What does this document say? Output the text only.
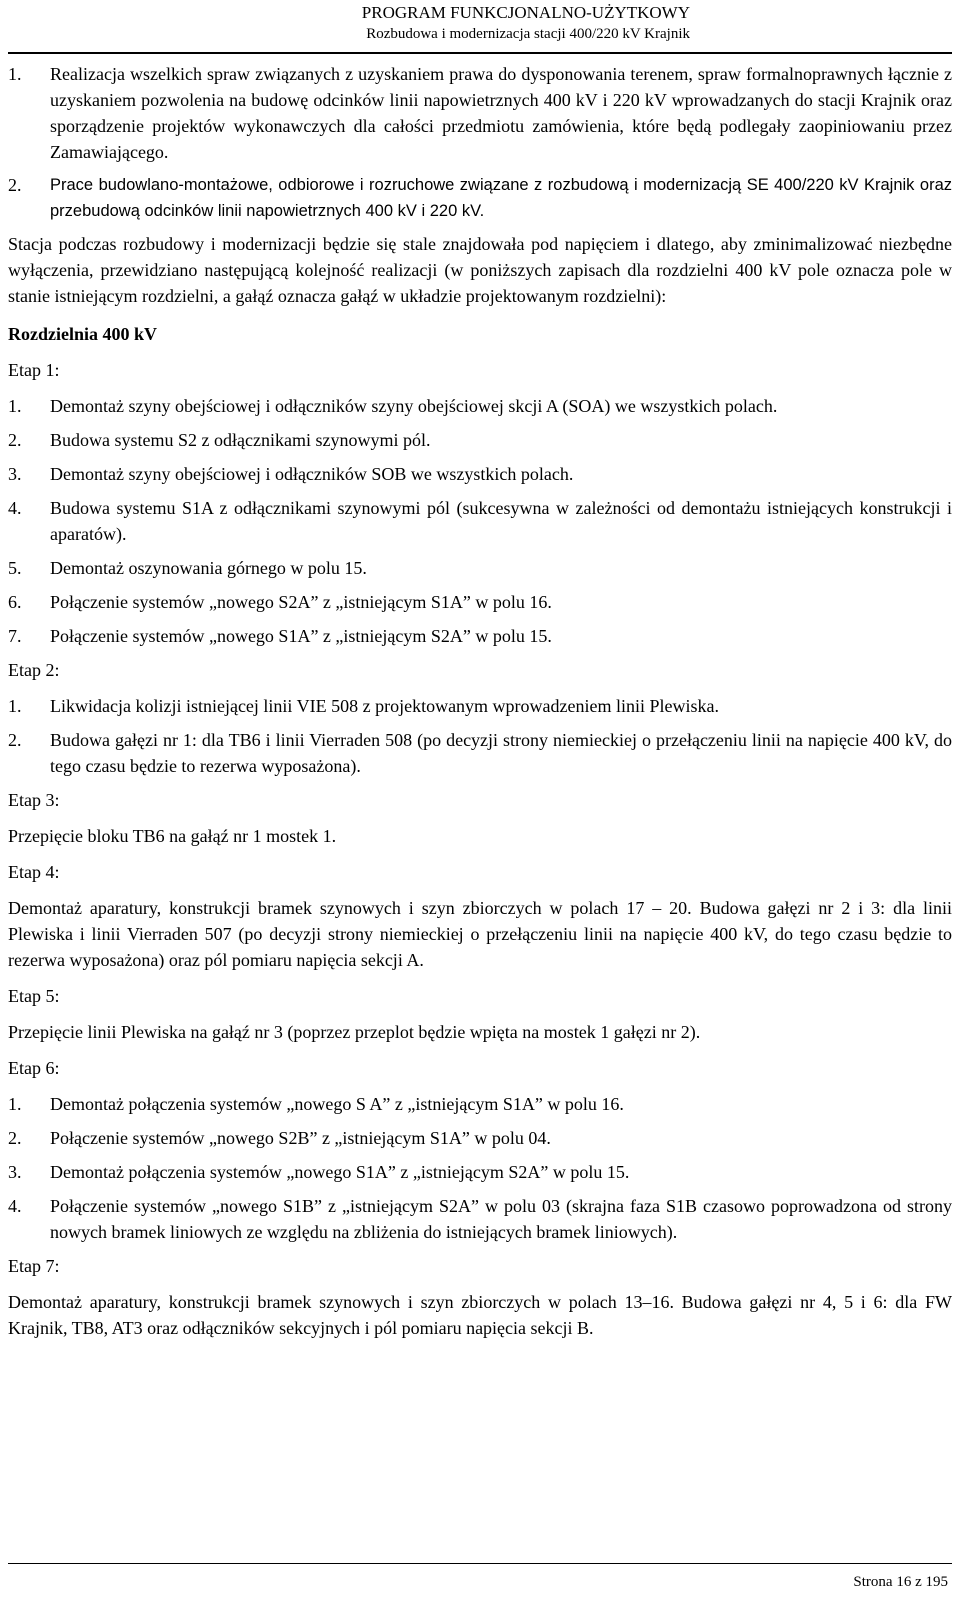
PROGRAM FUNKCJONALNO-UŻYTKOWY
Rozbudowa i modernizacja stacji 400/220 kV Krajnik
1.	Realizacja wszelkich spraw związanych z uzyskaniem prawa do dysponowania terenem, spraw formalnoprawnych łącznie z uzyskaniem pozwolenia na budowę odcinków linii napowietrznych 400 kV i 220 kV wprowadzanych do stacji Krajnik oraz sporządzenie projektów wykonawczych dla całości przedmiotu zamówienia, które będą podlegały zaopiniowaniu przez Zamawiającego.
2.	Prace budowlano-montażowe, odbiorowe i rozruchowe związane z rozbudową i modernizacją SE 400/220 kV Krajnik oraz przebudową odcinków linii napowietrznych 400 kV i 220 kV.

Stacja podczas rozbudowy i modernizacji będzie się stale znajdowała pod napięciem i dlatego, aby zminimalizować niezbędne wyłączenia, przewidziano następującą kolejność realizacji (w poniższych zapisach dla rozdzielni 400 kV pole oznacza pole w stanie istniejącym rozdzielni, a gałąź oznacza gałąź w układzie projektowanym rozdzielni):

Rozdzielnia 400 kV
Etap 1:
1.	Demontaż szyny obejściowej i odłączników szyny obejściowej skcji A (SOA) we wszystkich polach.
2.	Budowa systemu S2 z odłącznikami szynowymi pól.
3.	Demontaż szyny obejściowej i odłączników SOB we wszystkich polach.
4.	Budowa systemu S1A z odłącznikami szynowymi pól (sukcesywna w zależności od demontażu istniejących konstrukcji i aparatów).
5.	Demontaż oszynowania górnego w polu 15.
6.	Połączenie systemów „nowego S2A” z „istniejącym S1A” w polu 16.
7.	Połączenie systemów „nowego S1A” z „istniejącym S2A” w polu 15.
Etap 2:
1.	Likwidacja kolizji istniejącej linii VIE 508 z projektowanym wprowadzeniem linii Plewiska.
2.	Budowa gałęzi nr 1: dla TB6 i linii Vierraden 508 (po decyzji strony niemieckiej o przełączeniu linii na napięcie 400 kV, do tego czasu będzie to rezerwa wyposażona).
Etap 3:

Przepięcie bloku TB6 na gałąź nr 1 mostek 1.

Etap 4:

Demontaż aparatury, konstrukcji bramek szynowych i szyn zbiorczych w polach 17 – 20. Budowa gałęzi nr 2 i 3: dla linii Plewiska i linii Vierraden 507 (po decyzji strony niemieckiej o przełączeniu linii na napięcie 400 kV, do tego czasu będzie to rezerwa wyposażona) oraz pól pomiaru napięcia sekcji A.

Etap 5:

Przepięcie linii Plewiska na gałąź nr 3 (poprzez przeplot będzie wpięta na mostek 1 gałęzi nr 2).

Etap 6:
1.	Demontaż połączenia systemów „nowego S A” z „istniejącym S1A” w polu 16.
2.	Połączenie systemów „nowego S2B” z „istniejącym S1A” w polu 04.
3.	Demontaż połączenia systemów „nowego S1A” z „istniejącym S2A” w polu 15.
4.	Połączenie systemów „nowego S1B” z „istniejącym S2A” w polu 03 (skrajna faza S1B czasowo poprowadzona od strony nowych bramek liniowych ze względu na zbliżenia do istniejących bramek liniowych).
Etap 7:

Demontaż aparatury, konstrukcji bramek szynowych i szyn zbiorczych w polach 13–16. Budowa gałęzi nr 4, 5 i 6: dla FW Krajnik, TB8, AT3 oraz odłączników sekcyjnych i pól pomiaru napięcia sekcji B.

Strona 16 z 195
